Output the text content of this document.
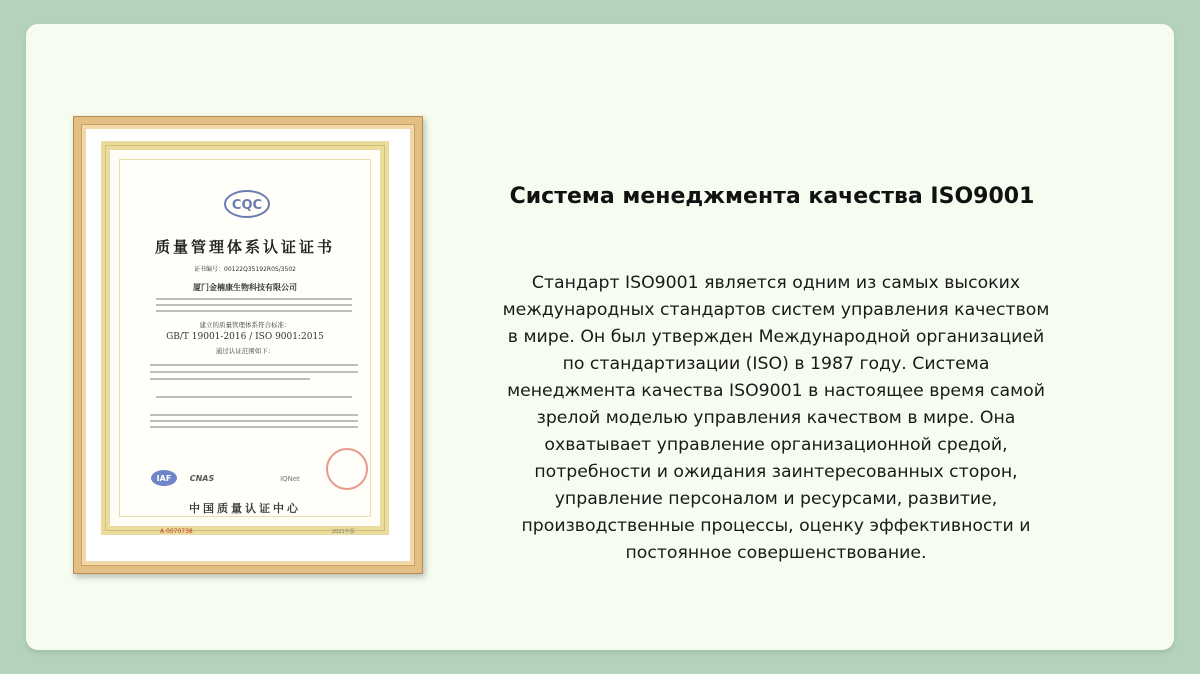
CQC
质量管理体系认证证书
证书编号：00122Q35192R0S/3502
厦门金楠康生物科技有限公司
建立的质量管理体系符合标准：
GB/T 19001-2016 / ISO 9001:2015
通过认证范围如下：
IAF CNAS	IQNet
中国质量认证中心
A 0070738	2021年版
Система менеджмента качества ISO9001

Стандарт ISO9001 является одним из самых высоких международных стандартов систем управления качеством в мире. Он был утвержден Международной организацией по стандартизации (ISO) в 1987 году. Система менеджмента качества ISO9001 в настоящее время самой зрелой моделью управления качеством в мире. Она охватывает управление организационной средой, потребности и ожидания заинтересованных сторон, управление персоналом и ресурсами, развитие, производственные процессы, оценку эффективности и постоянное совершенствование.
